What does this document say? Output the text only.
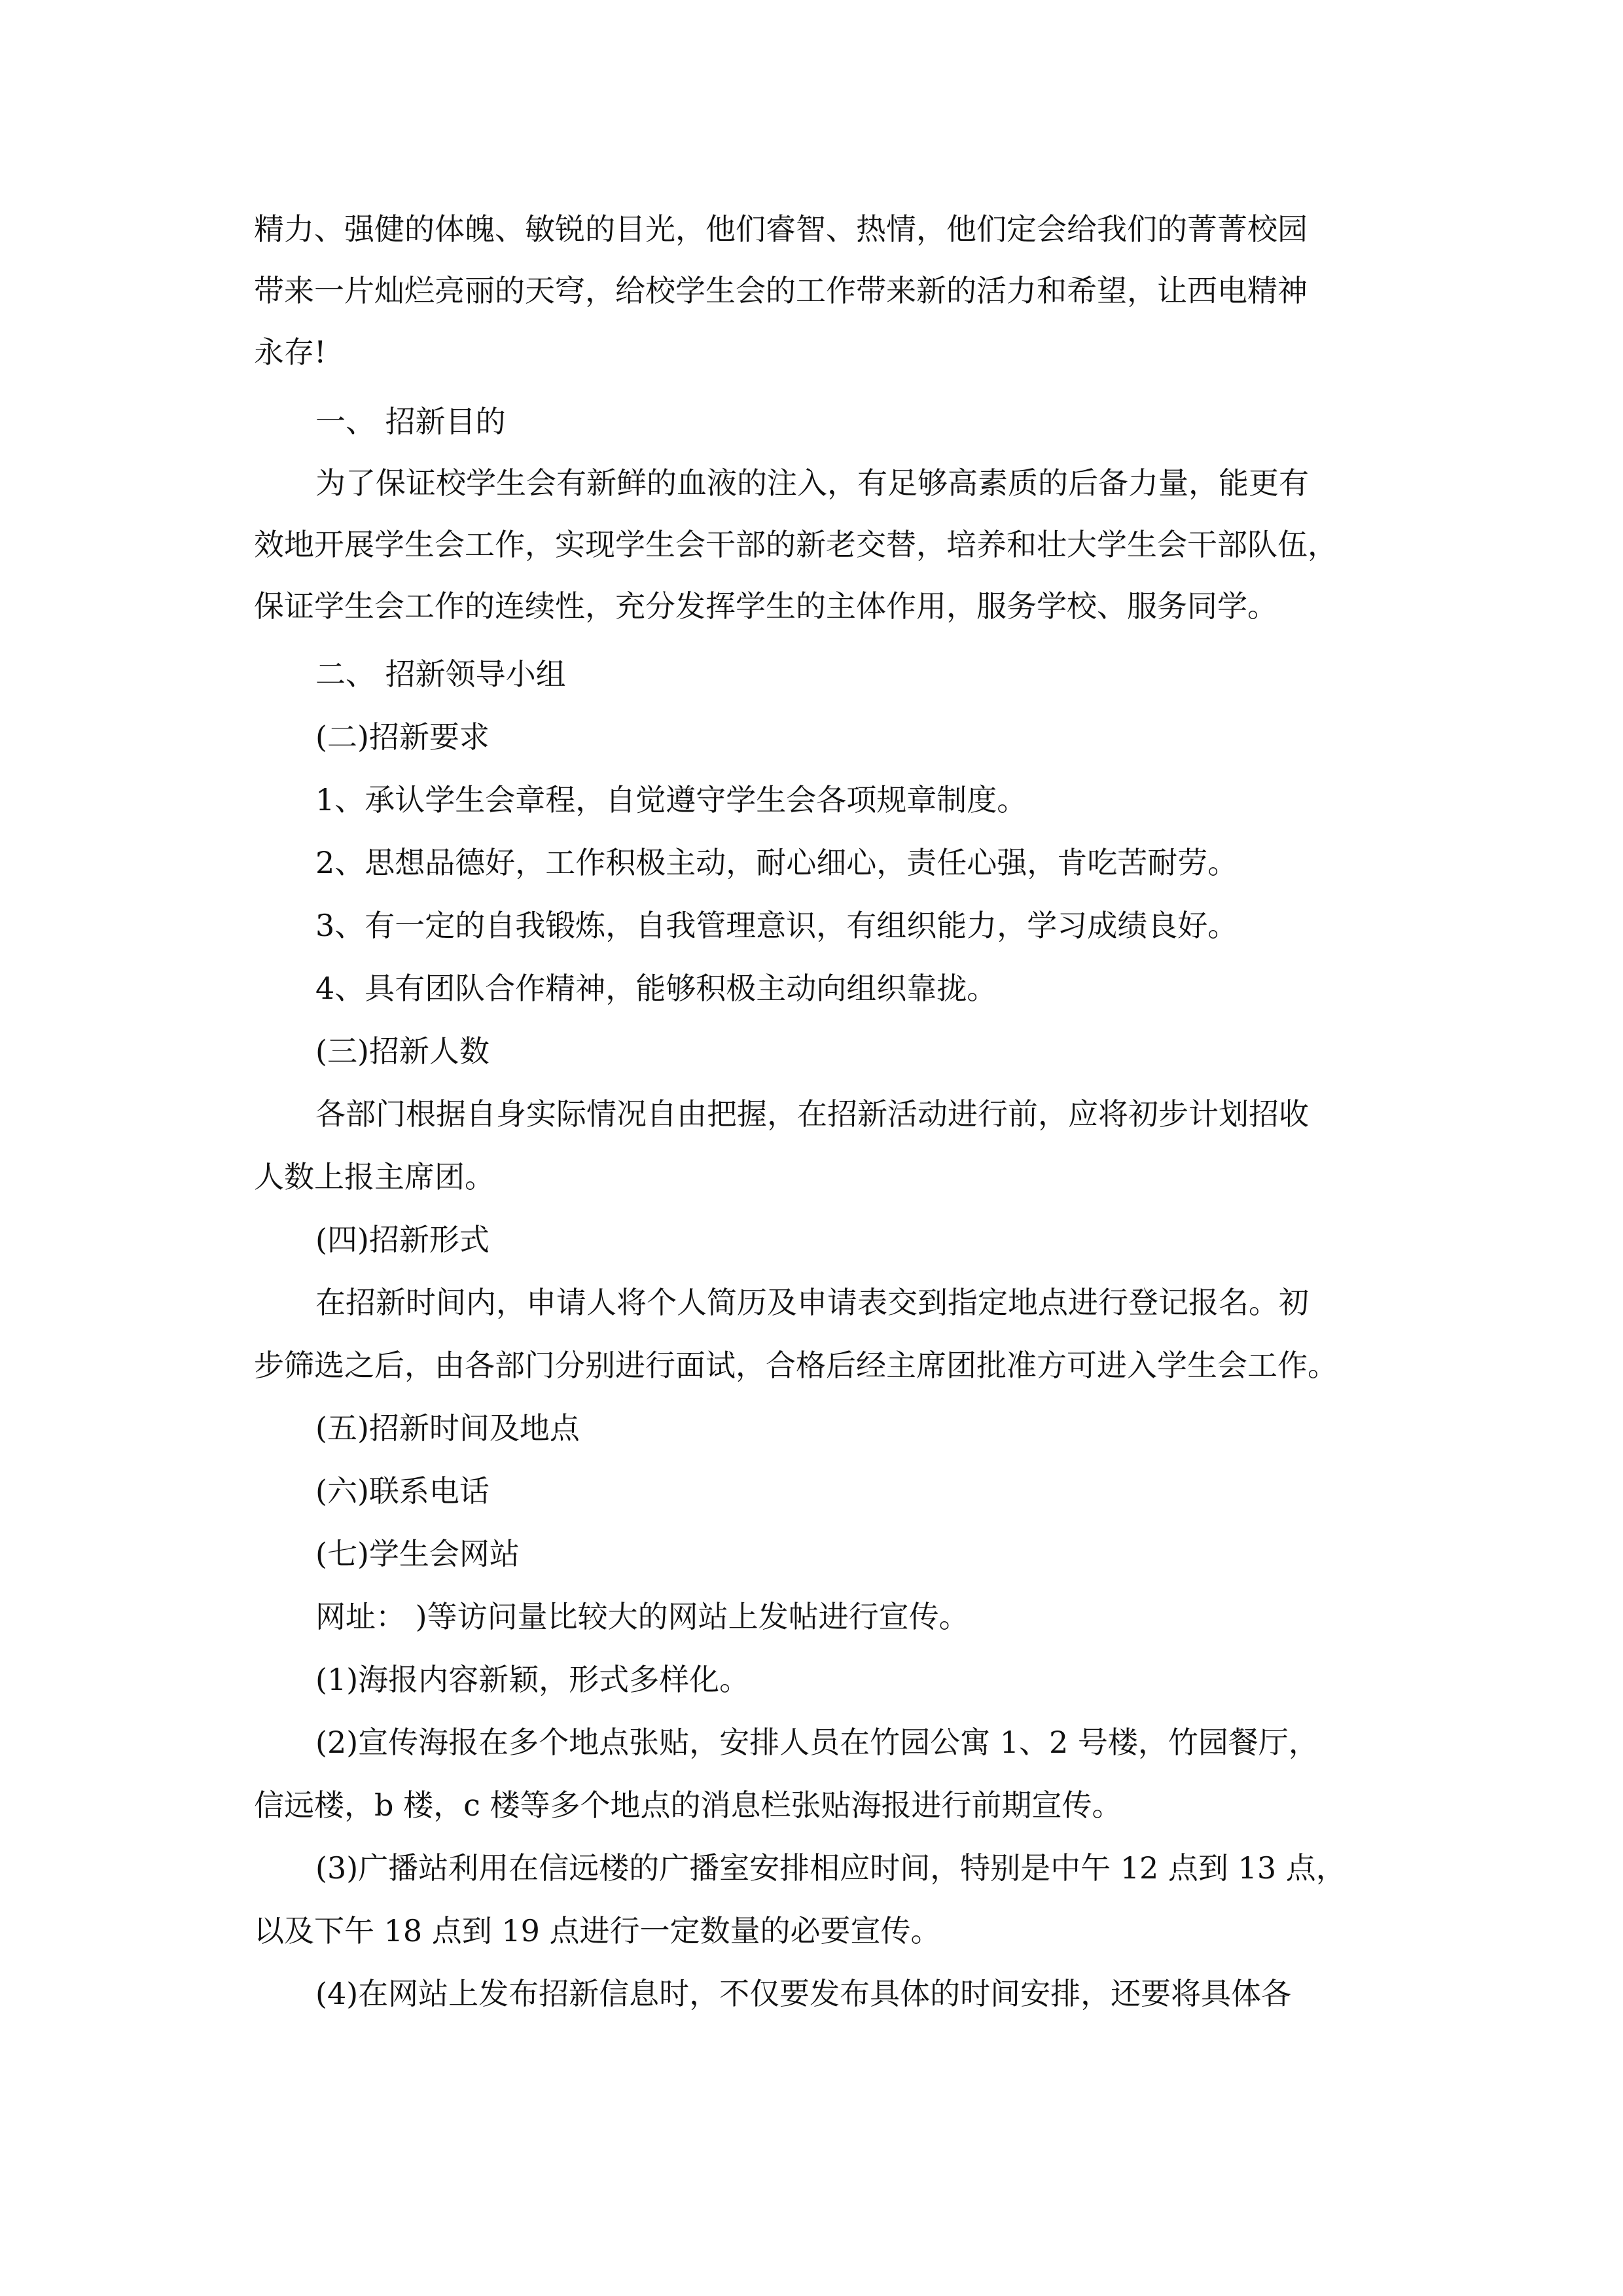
精力、强健的体魄、敏锐的目光，他们睿智、热情，他们定会给我们的菁菁校园
带来一片灿烂亮丽的天穹，给校学生会的工作带来新的活力和希望，让西电精神
永存!
一、 招新目的
为了保证校学生会有新鲜的血液的注入，有足够高素质的后备力量，能更有
效地开展学生会工作，实现学生会干部的新老交替，培养和壮大学生会干部队伍，
保证学生会工作的连续性，充分发挥学生的主体作用，服务学校、服务同学。
二、 招新领导小组
(二)招新要求
1、承认学生会章程，自觉遵守学生会各项规章制度。
2、思想品德好，工作积极主动，耐心细心，责任心强，肯吃苦耐劳。
3、有一定的自我锻炼，自我管理意识，有组织能力，学习成绩良好。
4、具有团队合作精神，能够积极主动向组织靠拢。
(三)招新人数
各部门根据自身实际情况自由把握，在招新活动进行前，应将初步计划招收
人数上报主席团。
(四)招新形式
在招新时间内，申请人将个人简历及申请表交到指定地点进行登记报名。初
步筛选之后，由各部门分别进行面试，合格后经主席团批准方可进入学生会工作。
(五)招新时间及地点
(六)联系电话
(七)学生会网站
网址： )等访问量比较大的网站上发帖进行宣传。
(1)海报内容新颖，形式多样化。
(2)宣传海报在多个地点张贴，安排人员在竹园公寓 1、2 号楼，竹园餐厅，
信远楼，b 楼，c 楼等多个地点的消息栏张贴海报进行前期宣传。
(3)广播站利用在信远楼的广播室安排相应时间，特别是中午 12 点到 13 点，
以及下午 18 点到 19 点进行一定数量的必要宣传。
(4)在网站上发布招新信息时，不仅要发布具体的时间安排，还要将具体各
